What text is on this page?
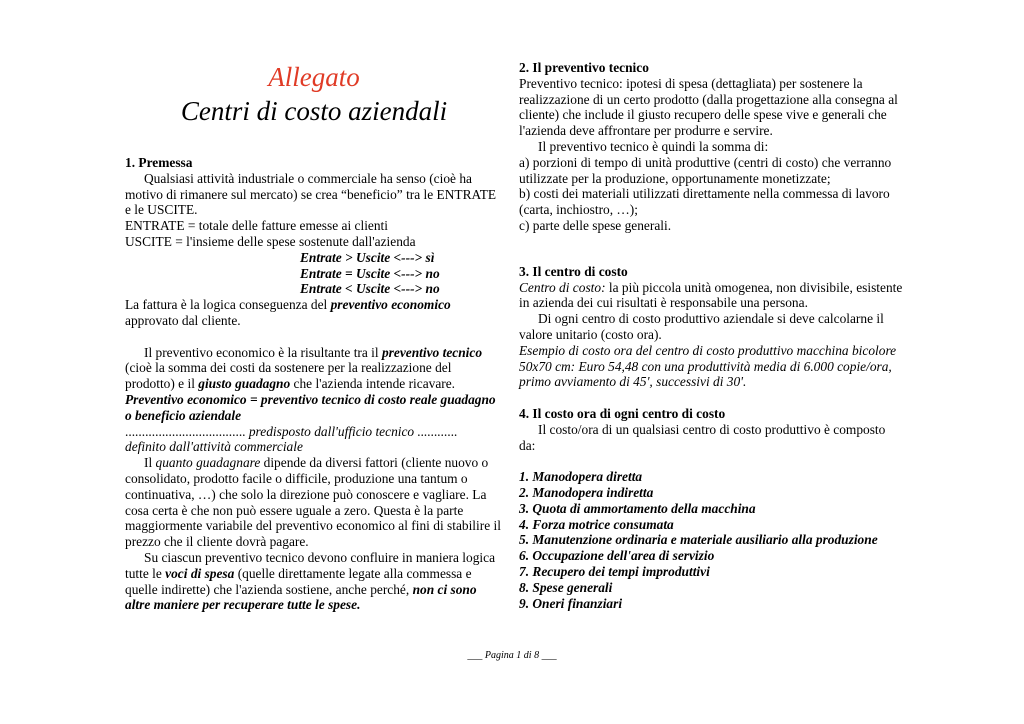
Allegato
Centri di costo aziendali

1. Premessa

Qualsiasi attività industriale o commerciale ha senso (cioè ha motivo di rimanere sul mercato) se crea “beneficio” tra le ENTRATE e le USCITE.

ENTRATE = totale delle fatture emesse ai clienti

USCITE = l'insieme delle spese sostenute dall'azienda

Entrate > Uscite <---> sì

Entrate = Uscite <---> no

Entrate < Uscite <---> no

La fattura è la logica conseguenza del preventivo economico approvato dal cliente.

Il preventivo economico è la risultante tra il preventivo tecnico (cioè la somma dei costi da sostenere per la realizzazione del prodotto) e il giusto guadagno che l'azienda intende ricavare.

Preventivo economico = preventivo tecnico di costo reale guadagno o beneficio aziendale

.................................... predisposto dall'ufficio tecnico ............

definito dall'attività commerciale

Il quanto guadagnare dipende da diversi fattori (cliente nuovo o consolidato, prodotto facile o difficile, produzione una tantum o continuativa, …) che solo la direzione può conoscere e vagliare. La cosa certa è che non può essere uguale a zero. Questa è la parte maggiormente variabile del preventivo economico al fini di stabilire il prezzo che il cliente dovrà pagare.

Su ciascun preventivo tecnico devono confluire in maniera logica tutte le voci di spesa (quelle direttamente legate alla commessa e quelle indirette) che l'azienda sostiene, anche perché, non ci sono altre maniere per recuperare tutte le spese.

2. Il preventivo tecnico

Preventivo tecnico: ipotesi di spesa (dettagliata) per sostenere la realizzazione di un certo prodotto (dalla progettazione alla consegna al cliente) che include il giusto recupero delle spese vive e generali che l'azienda deve affrontare per produrre e servire.

Il preventivo tecnico è quindi la somma di:

a) porzioni di tempo di unità produttive (centri di costo) che verranno utilizzate per la produzione, opportunamente monetizzate;

b) costi dei materiali utilizzati direttamente nella commessa di lavoro (carta, inchiostro, …);

c) parte delle spese generali.

3. Il centro di costo

Centro di costo: la più piccola unità omogenea, non divisibile, esistente in azienda dei cui risultati è responsabile una persona.

Di ogni centro di costo produttivo aziendale si deve calcolarne il valore unitario (costo ora).

Esempio di costo ora del centro di costo produttivo macchina bicolore 50x70 cm: Euro 54,48 con una produttività media di 6.000 copie/ora, primo avviamento di 45', successivi di 30'.

4. Il costo ora di ogni centro di costo

Il costo/ora di un qualsiasi centro di costo produttivo è composto da:

1. Manodopera diretta

2. Manodopera indiretta

3. Quota di ammortamento della macchina

4. Forza motrice consumata

5. Manutenzione ordinaria e materiale ausiliario alla produzione

6. Occupazione dell'area di servizio

7. Recupero dei tempi improduttivi

8. Spese generali

9. Oneri finanziari

___ Pagina 1 di 8 ___
